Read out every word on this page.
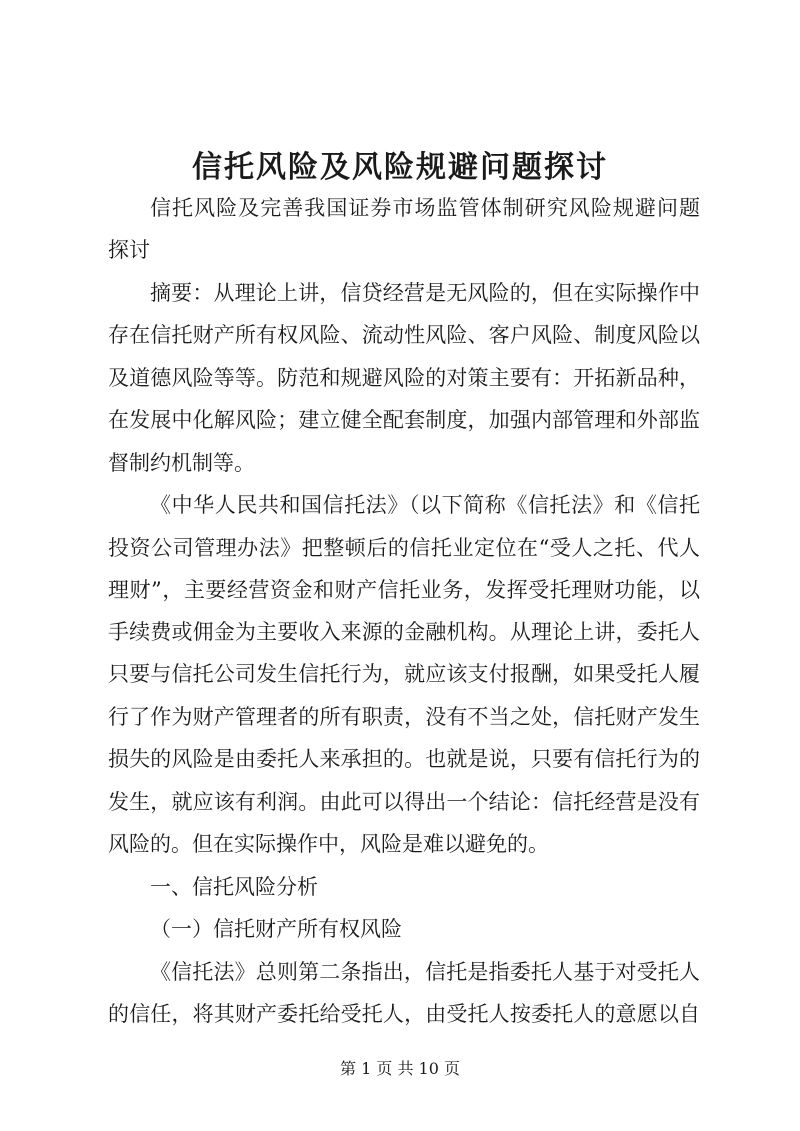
信托风险及风险规避问题探讨
信托风险及完善我国证券市场监管体制研究风险规避问题
探讨
摘要：从理论上讲，信贷经营是无风险的，但在实际操作中
存在信托财产所有权风险、流动性风险、客户风险、制度风险以
及道德风险等等。防范和规避风险的对策主要有：开拓新品种，
在发展中化解风险；建立健全配套制度，加强内部管理和外部监
督制约机制等。
《中华人民共和国信托法》（以下简称《信托法》和《信托
投资公司管理办法》把整顿后的信托业定位在“受人之托、代人
理财”，主要经营资金和财产信托业务，发挥受托理财功能，以
手续费或佣金为主要收入来源的金融机构。从理论上讲，委托人
只要与信托公司发生信托行为，就应该支付报酬，如果受托人履
行了作为财产管理者的所有职责，没有不当之处，信托财产发生
损失的风险是由委托人来承担的。也就是说，只要有信托行为的
发生，就应该有利润。由此可以得出一个结论：信托经营是没有
风险的。但在实际操作中，风险是难以避免的。
一、信托风险分析
（一）信托财产所有权风险
《信托法》总则第二条指出，信托是指委托人基于对受托人
的信任，将其财产委托给受托人，由受托人按委托人的意愿以自
第 1 页 共 10 页
